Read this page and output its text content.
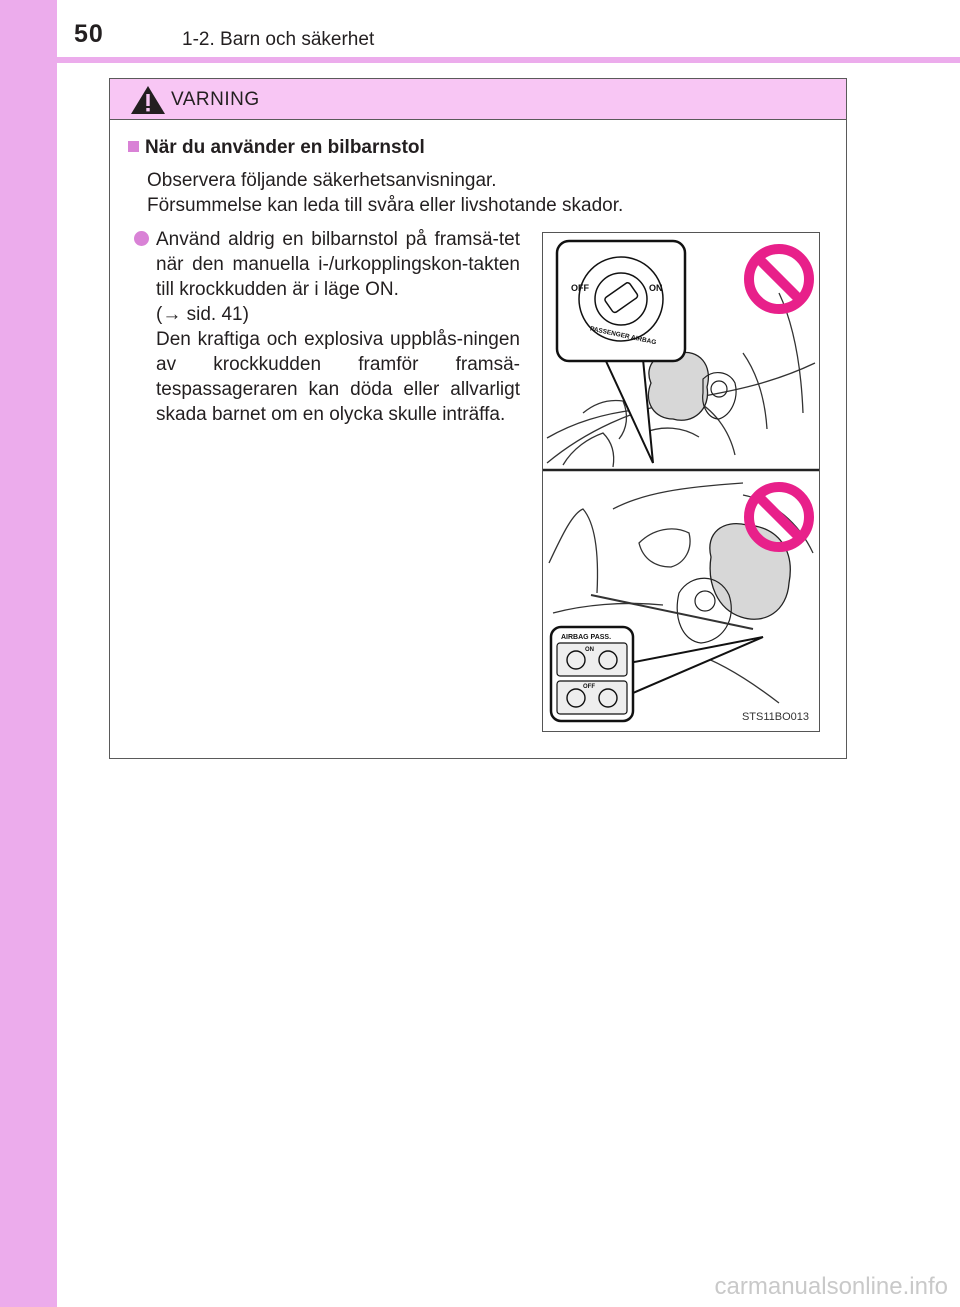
50	1-2. Barn och säkerhet
VARNING
När du använder en bilbarnstol
Observera följande säkerhetsanvisningar.
Försummelse kan leda till svåra eller livshotande skador.
Använd aldrig en bilbarnstol på framsä-tet när den manuella i-/urkopplingskon-takten till krockkudden är i läge ON.
(→ sid. 41)
Den kraftiga och explosiva uppblås-ningen av krockkudden framför framsä-tespassageraren kan döda eller allvarligt skada barnet om en olycka skulle inträffa.
OFF	ON
PASSENGER AIRBAG
AIRBAG PASS.
ON
OFF
STS11BO013
carmanualsonline.info
